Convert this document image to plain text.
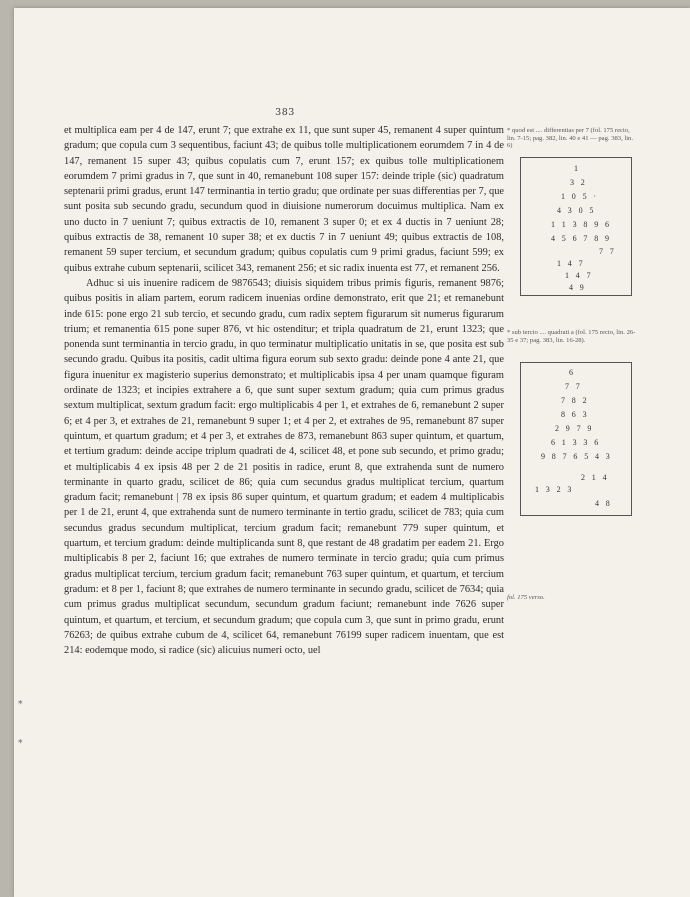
383

et multiplica eam per 4 de 147, erunt 7; que extrahe ex 11, que sunt super 45, remanent 4 super quintum gradum; que copula cum 3 sequentibus, faciunt 43; de quibus tolle multiplicationem eorumdem 7 in 4 de 147, remanent 15 super 43; quibus copulatis cum 7, erunt 157; ex quibus tolle multiplicationem eorumdem 7 primi gradus in 7, que sunt in 40, remanebunt 108 super 157: deinde triple (sic) quadratum septenarii primi gradus, erunt 147 terminantia in tertio gradu; que ordinate per suas differentias per 7, que sunt posita sub secundo gradu, secundum quod in diuisione numerorum docuimus multiplica. Nam ex uno ducto in 7 ueniunt 7; quibus extractis de 10, remanent 3 super 0; et ex 4 ductis in 7 ueniunt 28; quibus extractis de 38, remanent 10 super 38; et ex ductis 7 in 7 ueniunt 49; quibus extractis de 108, remanent 59 super tercium, et secundum gradum; quibus copulatis cum 9 primi gradus, faciunt 599; ex quibus extrahe cubum septenarii, scilicet 343, remanent 256; et sic radix inuenta est 77, et remanent 256.

Adhuc si uis inuenire radicem de 9876543; diuisis siquidem tribus primis figuris, remanent 9876; quibus positis in aliam partem, eorum radicem inuenias ordine demonstrato, erit que 21; et remanebunt inde 615: pone ergo 21 sub tercio, et secundo gradu, cum radix septem figurarum sit numerus figurarum trium; et remanentia 615 pone super 876, vt hic ostenditur; et tripla quadratum de 21, erunt 1323; que ponenda sunt terminantia in tercio gradu, in quo terminatur multiplicatio unitatis in se, que posita est sub secundo gradu. Quibus ita positis, cadit ultima figura eorum sub sexto gradu: deinde pone 4 ante 21, que figura inuenitur ex magisterio superius demonstrato; et multiplicabis ipsa 4 per unam quamque figuram ordinate de 1323; et incipies extrahere a 6, que sunt super sextum gradum; quia cum primus gradus sextum multiplicat, sextum gradum facit: ergo multiplicabis 4 per 1, et extrahes de 6, remanebunt 2 super 6; et 4 per 3, et extrahes de 21, remanebunt 9 super 1; et 4 per 2, et extrahes de 95, remanebunt 87 super quintum, et quartum gradum; et 4 per 3, et extrahes de 873, remanebunt 863 super quintum, et quartum, et tertium gradum: deinde accipe triplum quadrati de 4, scilicet 48, et pone sub secundo, et primo gradu; et multiplicabis 4 ex ipsis 48 per 2 de 21 positis in radice, erunt 8, que extrahenda sunt de numero terminante in quarto gradu, scilicet de 86; quia cum secundus gradus multiplicat tercium, quartum gradum facit; remanebunt | 78 ex ipsis 86 super quintum, et quartum gradum; et eadem 4 multiplicabis per 1 de 21, erunt 4, que extrahenda sunt de numero terminante in tertio gradu, scilicet de 783; quia cum secundus gradus secundum multiplicat, tercium gradum facit; remanebunt 779 super quintum, et quartum, et tercium gradum: deinde multiplicanda sunt 8, que restant de 48 gradatim per eadem 21. Ergo multiplicabis 8 per 2, faciunt 16; que extrahes de numero terminate in tercio gradu; quia cum primus gradus multiplicat tercium, tercium gradum facit; remanebunt 763 super quintum, et quartum, et tercium gradum: et 8 per 1, faciunt 8; que extrahes de numero terminante in secundo gradu, scilicet de 7634; quia cum primus gradus multiplicat secundum, secundum gradum faciunt; remanebunt inde 7626 super quintum, et quartum, et tercium, et secundum gradum; que copula cum 3, que sunt in primo gradu, erunt 76263; de quibus extrahe cubum de 4, scilicet 64, remanebunt 76199 super radicem inuentam, que est 214: eodemque modo, si radice (sic) alicuius numeri octo, uel

* quod est .... differentias per 7 (fol. 175 recto, lin. 7-15; pag. 382, lin. 40 e 41 — pag. 383, lin. 6)
1
3 2
1 0 5 ·
4 3 0 5
1 1 3 8 9 6
4 5 6 7 8 9
7 7
1 4 7
1 4 7
4 9
* sub tercio .... quadrati a (fol. 175 recto, lin. 26-35 e 37; pag. 383, lin. 16-28).
6
7 7
7 8 2
8 6 3
2 9 7 9
6 1 3 3 6
9 8 7 6 5 4 3
2 1 4
1 3 2 3
4 8
fol. 175 verso.
*
*
